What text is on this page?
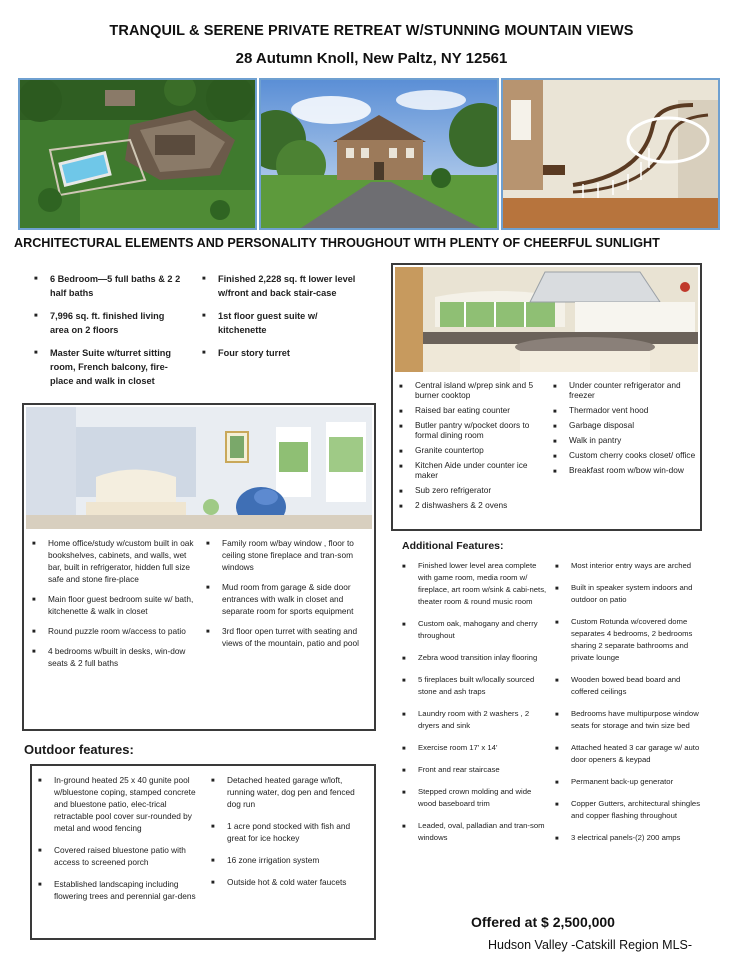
TRANQUIL & SERENE PRIVATE RETREAT W/STUNNING MOUNTAIN VIEWS
28 Autumn Knoll, New Paltz, NY 12561
ARCHITECTURAL ELEMENTS AND PERSONALITY THROUGHOUT WITH PLENTY OF CHEERFUL SUNLIGHT
■ 6 Bedroom—5 full baths & 2 2 half baths
■ 7,996 sq. ft. finished living area on 2 floors
■ Master Suite w/turret sitting room, French balcony, fire-place and walk in closet
■ Finished 2,228 sq. ft lower level w/front and back stair-case
■ 1st floor guest suite w/ kitchenette
■ Four story turret
■ Central island w/prep sink and 5 burner cooktop
■ Raised bar eating counter
■ Butler pantry w/pocket doors to formal dining room
■ Granite countertop
■ Kitchen Aide under counter ice maker
■ Sub zero refrigerator
■ 2 dishwashers & 2 ovens
■ Under counter refrigerator and freezer
■ Thermador vent hood
■ Garbage disposal
■ Walk in pantry
■ Custom cherry cooks closet/ office
■ Breakfast room w/bow win-dow
■ Home office/study w/custom built in oak bookshelves, cabinets, and walls, wet bar, built in refrigerator, hidden full size safe and stone fire-place
■ Main floor guest bedroom suite w/ bath, kitchenette & walk in closet
■ Round puzzle room w/access to patio
■ 4 bedrooms w/built in desks, win-dow seats & 2 full baths
■ Family room w/bay window , floor to ceiling stone fireplace and tran-som windows
■ Mud room from garage & side door entrances with walk in closet and separate room for sports equipment
■ 3rd floor open turret with seating and views of the mountain, patio and pool
Outdoor features:
■ In-ground heated 25 x 40 gunite pool w/bluestone coping, stamped concrete and bluestone patio, elec-trical retractable pool cover sur-rounded by metal and wood fencing
■ Covered raised bluestone patio with access to screened porch
■ Established landscaping including flowering trees and perennial gar-dens
■ Detached heated garage w/loft, running water, dog pen and fenced dog run
■ 1 acre pond stocked with fish and great for ice hockey
■ 16 zone irrigation system
■ Outside hot & cold water faucets
Additional Features:
■ Finished lower level area complete with game room, media room w/ fireplace, art room w/sink & cabi-nets, theater room & round music room
■ Custom oak, mahogany and cherry throughout
■ Zebra wood transition inlay flooring
■ 5 fireplaces built w/locally sourced stone and ash traps
■ Laundry room with 2 washers , 2 dryers and sink
■ Exercise room 17' x 14'
■ Front and rear staircase
■ Stepped crown molding and wide wood baseboard trim
■ Leaded, oval, palladian and tran-som windows
■ Most interior entry ways are arched
■ Built in speaker system indoors and outdoor on patio
■ Custom Rotunda w/covered dome separates 4 bedrooms, 2 bedrooms sharing 2 separate bathrooms and private lounge
■ Wooden bowed bead board and coffered ceilings
■ Bedrooms have multipurpose window seats for storage and twin size bed
■ Attached heated 3 car garage w/ auto door openers & keypad
■ Permanent back-up generator
■ Copper Gutters, architectural shingles and copper flashing throughout
■ 3 electrical panels-(2) 200 amps
Offered at $ 2,500,000
Hudson Valley -Catskill Region MLS-
